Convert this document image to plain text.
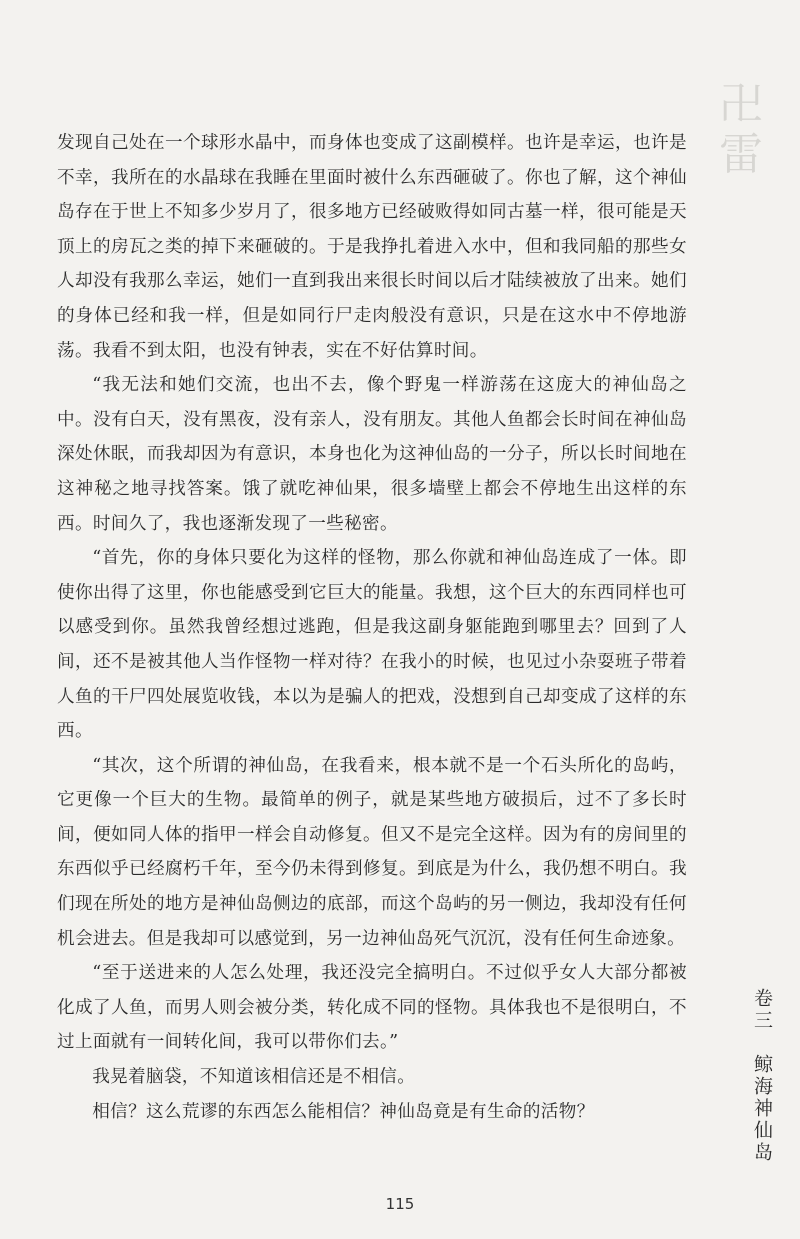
卍
雷

发现自己处在一个球形水晶中，而身体也变成了这副模样。也许是幸运，也许是不幸，我所在的水晶球在我睡在里面时被什么东西砸破了。你也了解，这个神仙岛存在于世上不知多少岁月了，很多地方已经破败得如同古墓一样，很可能是天顶上的房瓦之类的掉下来砸破的。于是我挣扎着进入水中，但和我同船的那些女人却没有我那么幸运，她们一直到我出来很长时间以后才陆续被放了出来。她们的身体已经和我一样，但是如同行尸走肉般没有意识，只是在这水中不停地游荡。我看不到太阳，也没有钟表，实在不好估算时间。

“我无法和她们交流，也出不去，像个野鬼一样游荡在这庞大的神仙岛之中。没有白天，没有黑夜，没有亲人，没有朋友。其他人鱼都会长时间在神仙岛深处休眠，而我却因为有意识，本身也化为这神仙岛的一分子，所以长时间地在这神秘之地寻找答案。饿了就吃神仙果，很多墙壁上都会不停地生出这样的东西。时间久了，我也逐渐发现了一些秘密。

“首先，你的身体只要化为这样的怪物，那么你就和神仙岛连成了一体。即使你出得了这里，你也能感受到它巨大的能量。我想，这个巨大的东西同样也可以感受到你。虽然我曾经想过逃跑，但是我这副身躯能跑到哪里去？回到了人间，还不是被其他人当作怪物一样对待？在我小的时候，也见过小杂耍班子带着人鱼的干尸四处展览收钱，本以为是骗人的把戏，没想到自己却变成了这样的东西。

“其次，这个所谓的神仙岛，在我看来，根本就不是一个石头所化的岛屿，它更像一个巨大的生物。最简单的例子，就是某些地方破损后，过不了多长时间，便如同人体的指甲一样会自动修复。但又不是完全这样。因为有的房间里的东西似乎已经腐朽千年，至今仍未得到修复。到底是为什么，我仍想不明白。我们现在所处的地方是神仙岛侧边的底部，而这个岛屿的另一侧边，我却没有任何机会进去。但是我却可以感觉到，另一边神仙岛死气沉沉，没有任何生命迹象。

“至于送进来的人怎么处理，我还没完全搞明白。不过似乎女人大部分都被化成了人鱼，而男人则会被分类，转化成不同的怪物。具体我也不是很明白，不过上面就有一间转化间，我可以带你们去。”

我晃着脑袋，不知道该相信还是不相信。

相信？这么荒谬的东西怎么能相信？神仙岛竟是有生命的活物？	卷三　鲸海神仙岛
115
